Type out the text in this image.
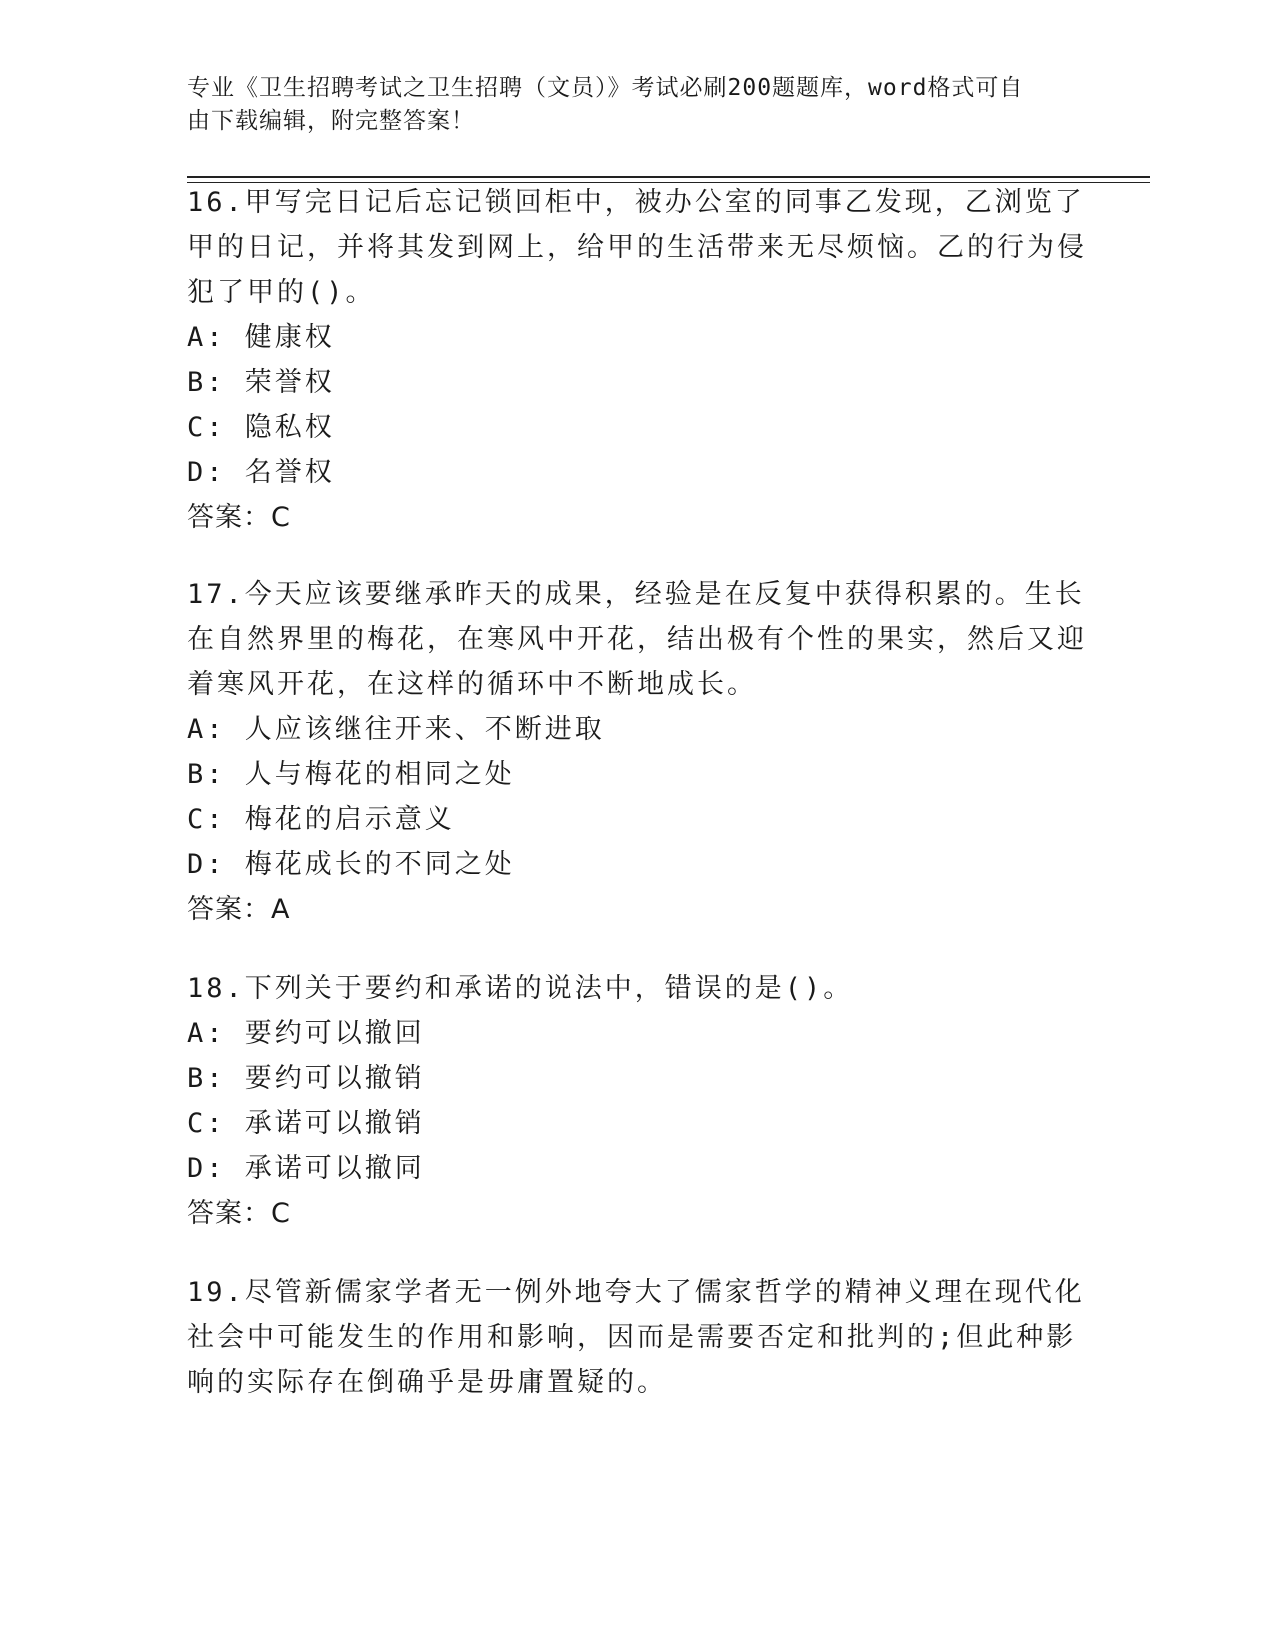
专业《卫生招聘考试之卫生招聘（文员）》考试必刷200题题库，word格式可自
由下载编辑，附完整答案！
16.甲写完日记后忘记锁回柜中，被办公室的同事乙发现，乙浏览了甲的日记，并将其发到网上，给甲的生活带来无尽烦恼。乙的行为侵犯了甲的()。
A: 健康权
B: 荣誉权
C: 隐私权
D: 名誉权
答案：C
17.今天应该要继承昨天的成果，经验是在反复中获得积累的。生长在自然界里的梅花，在寒风中开花，结出极有个性的果实，然后又迎着寒风开花，在这样的循环中不断地成长。
A: 人应该继往开来、不断进取
B: 人与梅花的相同之处
C: 梅花的启示意义
D: 梅花成长的不同之处
答案：A
18.下列关于要约和承诺的说法中，错误的是()。
A: 要约可以撤回
B: 要约可以撤销
C: 承诺可以撤销
D: 承诺可以撤同
答案：C
19.尽管新儒家学者无一例外地夸大了儒家哲学的精神义理在现代化社会中可能发生的作用和影响，因而是需要否定和批判的;但此种影响的实际存在倒确乎是毋庸置疑的。
